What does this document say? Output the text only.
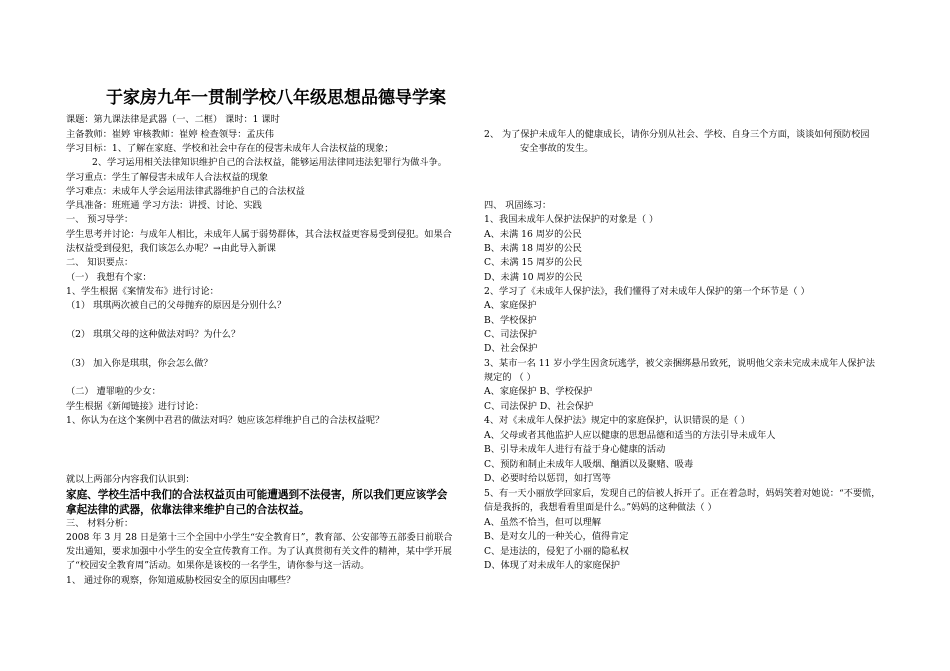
于家房九年一贯制学校八年级思想品德导学案
课题：第九课法律是武器（一、二框） 课时：1 课时
主备教师：崔婷 审核教师：崔婷 检查领导：孟庆伟
学习目标：1、了解在家庭、学校和社会中存在的侵害未成年人合法权益的现象；
2、学习运用相关法律知识维护自己的合法权益，能够运用法律同违法犯罪行为做斗争。
学习重点：学生了解侵害未成年人合法权益的现象
学习难点：未成年人学会运用法律武器维护自己的合法权益
学具准备：班班通 学习方法：讲授、讨论、实践
一、 预习导学：
学生思考并讨论：与成年人相比，未成年人属于弱势群体，其合法权益更容易受到侵犯。如果合
法权益受到侵犯，我们该怎么办呢？→由此导入新课
二、 知识要点：
（一） 我想有个家：
1、学生根据《案情发布》进行讨论：
（1） 琪琪两次被自己的父母抛弃的原因是分别什么？
（2） 琪琪父母的这种做法对吗？为什么？
（3） 加入你是琪琪，你会怎么做？
（二） 遭罪啦的少女：
学生根据《新闻链接》进行讨论：
1、你认为在这个案例中君君的做法对吗？她应该怎样维护自己的合法权益呢？
就以上两部分内容我们认识到：
家庭、学校生活中我们的合法权益页由可能遭遇到不法侵害，所以我们更应该学会
拿起法律的武器，依靠法律来维护自己的合法权益。
三、 材料分析：
2008 年 3 月 28 日是第十三个全国中小学生“安全教育日”，教育部、公安部等五部委日前联合
发出通知，要求加强中小学生的安全宣传教育工作。为了认真贯彻有关文件的精神，某中学开展
了“校园安全教育周”活动。如果你是该校的一名学生，请你参与这一活动。
1、 通过你的观察，你知道威胁校园安全的原因由哪些？
2、 为了保护未成年人的健康成长，请你分别从社会、学校、自身三个方面，谈谈如何预防校园
安全事故的发生。
四、 巩固练习：
1、我国未成年人保护法保护的对象是（ ）
A、未满 16 周岁的公民
B、未满 18 周岁的公民
C、未满 15 周岁的公民
D、未满 10 周岁的公民
2、学习了《未成年人保护法》，我们懂得了对未成年人保护的第一个环节是（ ）
A、家庭保护
B、学校保护
C、司法保护
D、社会保护
3、某市一名 11 岁小学生因贪玩逃学，被父亲捆绑悬吊致死，说明他父亲未完成未成年人保护法
规定的 （ ）
A、家庭保护 B、学校保护
C、司法保护 D、社会保护
4、对《未成年人保护法》规定中的家庭保护，认识错误的是（ ）
A、父母或者其他监护人应以健康的思想品德和适当的方法引导未成年人
B、引导未成年人进行有益于身心健康的活动
C、预防和制止未成年人吸烟、酗酒以及聚赌、吸毒
D、必要时给以惩罚，如打骂等
5、有一天小丽放学回家后，发现自己的信被人拆开了。正在着急时，妈妈笑着对她说：“不要慌，
信是我拆的，我想看看里面是什么。”妈妈的这种做法（ ）
A、虽然不恰当，但可以理解
B、是对女儿的一种关心，值得肯定
C、是违法的，侵犯了小丽的隐私权
D、体现了对未成年人的家庭保护
